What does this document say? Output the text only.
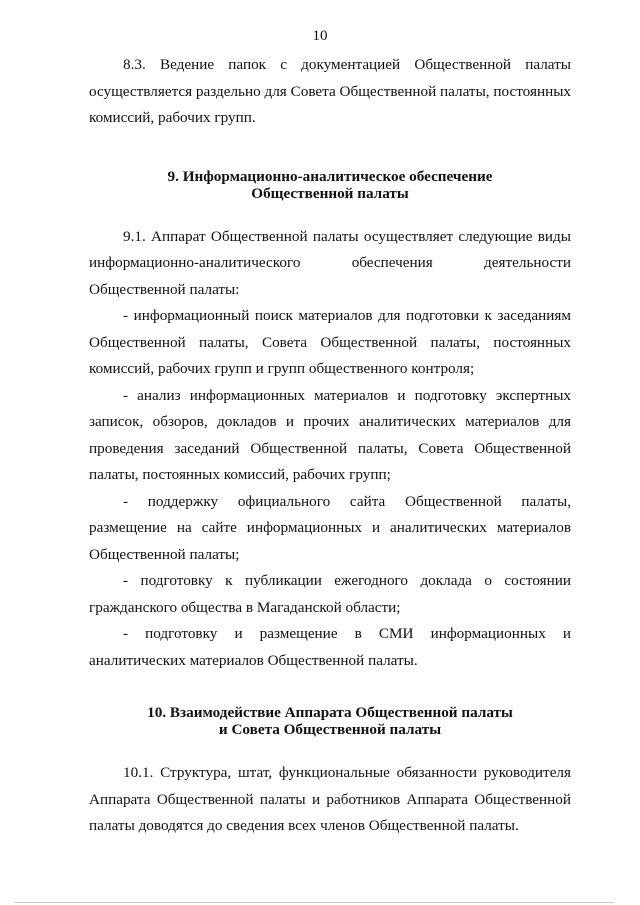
10

8.3. Ведение папок с документацией Общественной палаты осуществляется раздельно для Совета Общественной палаты, постоянных комиссий, рабочих групп.

9. Информационно-аналитическое обеспечение
Общественной палаты

9.1. Аппарат Общественной палаты осуществляет следующие виды информационно-аналитического обеспечения деятельности Общественной палаты:

- информационный поиск материалов для подготовки к заседаниям Общественной палаты, Совета Общественной палаты, постоянных комиссий, рабочих групп и групп общественного контроля;

- анализ информационных материалов и подготовку экспертных записок, обзоров, докладов и прочих аналитических материалов для проведения заседаний Общественной палаты, Совета Общественной палаты, постоянных комиссий, рабочих групп;

- поддержку официального сайта Общественной палаты, размещение на сайте информационных и аналитических материалов Общественной палаты;

- подготовку к публикации ежегодного доклада о состоянии гражданского общества в Магаданской области;

- подготовку и размещение в СМИ информационных и аналитических материалов Общественной палаты.

10. Взаимодействие Аппарата Общественной палаты
и Совета Общественной палаты

10.1. Структура, штат, функциональные обязанности руководителя Аппарата Общественной палаты и работников Аппарата Общественной палаты доводятся до сведения всех членов Общественной палаты.
